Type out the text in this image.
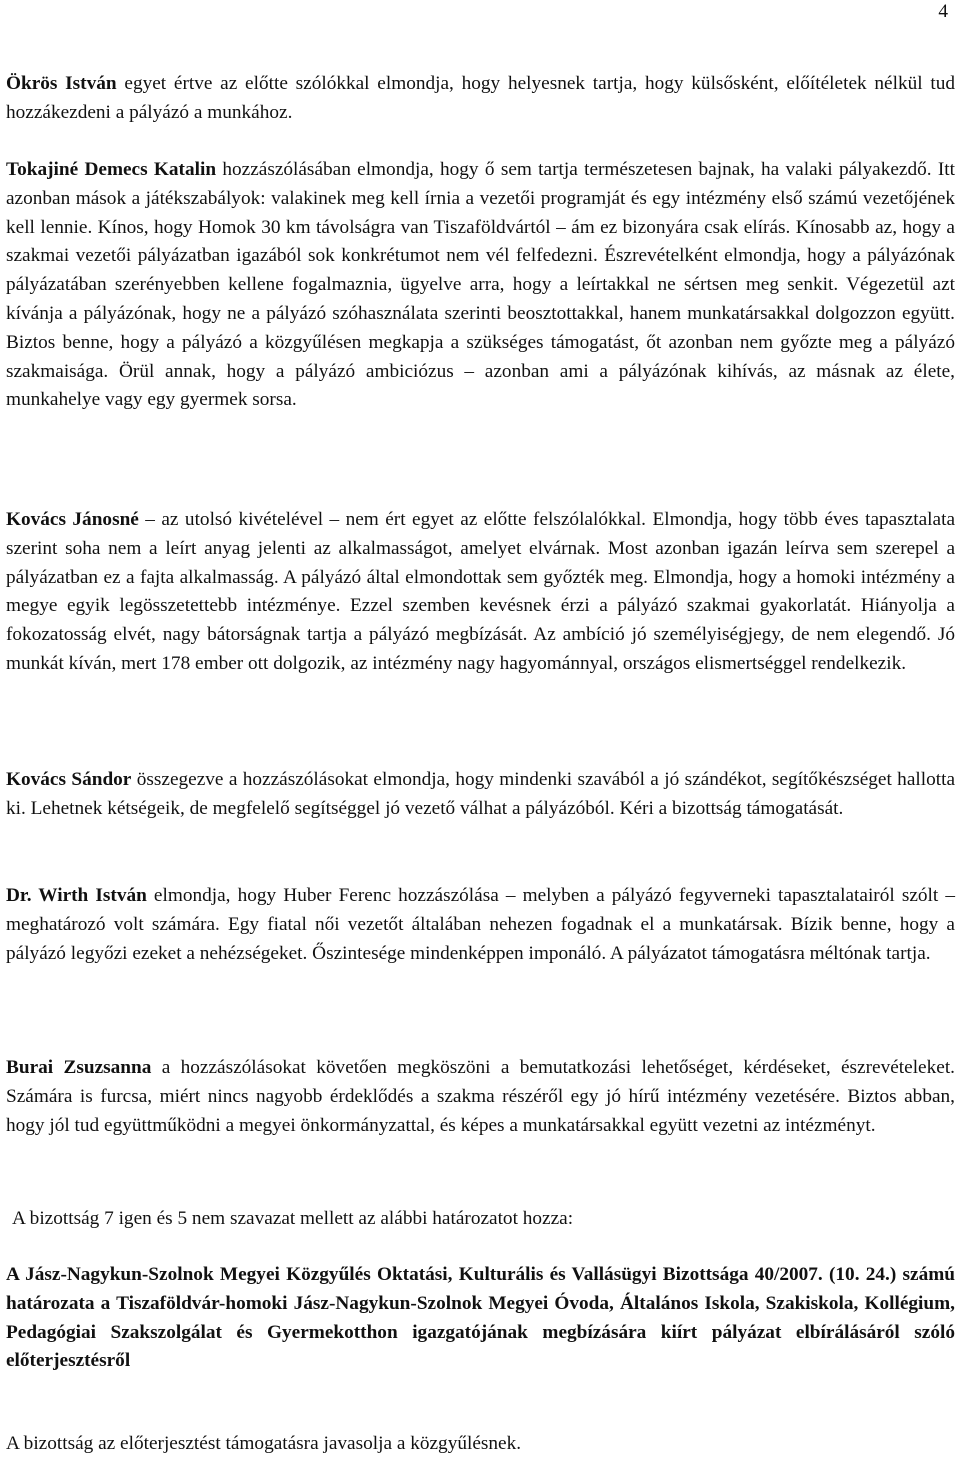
4

Ökrös István egyet értve az előtte szólókkal elmondja, hogy helyesnek tartja, hogy külsősként, előítéletek nélkül tud hozzákezdeni a pályázó a munkához.

Tokajiné Demecs Katalin hozzászólásában elmondja, hogy ő sem tartja természetesen bajnak, ha valaki pályakezdő. Itt azonban mások a játékszabályok: valakinek meg kell írnia a vezetői programját és egy intézmény első számú vezetőjének kell lennie. Kínos, hogy Homok 30 km távolságra van Tiszaföldvártól – ám ez bizonyára csak elírás. Kínosabb az, hogy a szakmai vezetői pályázatban igazából sok konkrétumot nem vél felfedezni. Észrevételként elmondja, hogy a pályázónak pályázatában szerényebben kellene fogalmaznia, ügyelve arra, hogy a leírtakkal ne sértsen meg senkit. Végezetül azt kívánja a pályázónak, hogy ne a pályázó szóhasználata szerinti beosztottakkal, hanem munkatársakkal dolgozzon együtt. Biztos benne, hogy a pályázó a közgyűlésen megkapja a szükséges támogatást, őt azonban nem győzte meg a pályázó szakmaisága. Örül annak, hogy a pályázó ambiciózus – azonban ami a pályázónak kihívás, az másnak az élete, munkahelye vagy egy gyermek sorsa.

Kovács Jánosné – az utolsó kivételével – nem ért egyet az előtte felszólalókkal. Elmondja, hogy több éves tapasztalata szerint soha nem a leírt anyag jelenti az alkalmasságot, amelyet elvárnak. Most azonban igazán leírva sem szerepel a pályázatban ez a fajta alkalmasság. A pályázó által elmondottak sem győzték meg. Elmondja, hogy a homoki intézmény a megye egyik legösszetettebb intézménye. Ezzel szemben kevésnek érzi a pályázó szakmai gyakorlatát. Hiányolja a fokozatosság elvét, nagy bátorságnak tartja a pályázó megbízását. Az ambíció jó személyiségjegy, de nem elegendő. Jó munkát kíván, mert 178 ember ott dolgozik, az intézmény nagy hagyománnyal, országos elismertséggel rendelkezik.

Kovács Sándor összegezve a hozzászólásokat elmondja, hogy mindenki szavából a jó szándékot, segítőkészséget hallotta ki. Lehetnek kétségeik, de megfelelő segítséggel jó vezető válhat a pályázóból. Kéri a bizottság támogatását.

Dr. Wirth István elmondja, hogy Huber Ferenc hozzászólása – melyben a pályázó fegyverneki tapasztalatairól szólt – meghatározó volt számára. Egy fiatal női vezetőt általában nehezen fogadnak el a munkatársak. Bízik benne, hogy a pályázó legyőzi ezeket a nehézségeket. Őszintesége mindenképpen imponáló. A pályázatot támogatásra méltónak tartja.

Burai Zsuzsanna a hozzászólásokat követően megköszöni a bemutatkozási lehetőséget, kérdéseket, észrevételeket. Számára is furcsa, miért nincs nagyobb érdeklődés a szakma részéről egy jó hírű intézmény vezetésére. Biztos abban, hogy jól tud együttműködni a megyei önkormányzattal, és képes a munkatársakkal együtt vezetni az intézményt.

A bizottság 7 igen és 5 nem szavazat mellett az alábbi határozatot hozza:

A Jász-Nagykun-Szolnok Megyei Közgyűlés Oktatási, Kulturális és Vallásügyi Bizottsága 40/2007. (10. 24.) számú határozata a Tiszaföldvár-homoki Jász-Nagykun-Szolnok Megyei Óvoda, Általános Iskola, Szakiskola, Kollégium, Pedagógiai Szakszolgálat és Gyermekotthon igazgatójának megbízására kiírt pályázat elbírálásáról szóló előterjesztésről

A bizottság az előterjesztést támogatásra javasolja a közgyűlésnek.
